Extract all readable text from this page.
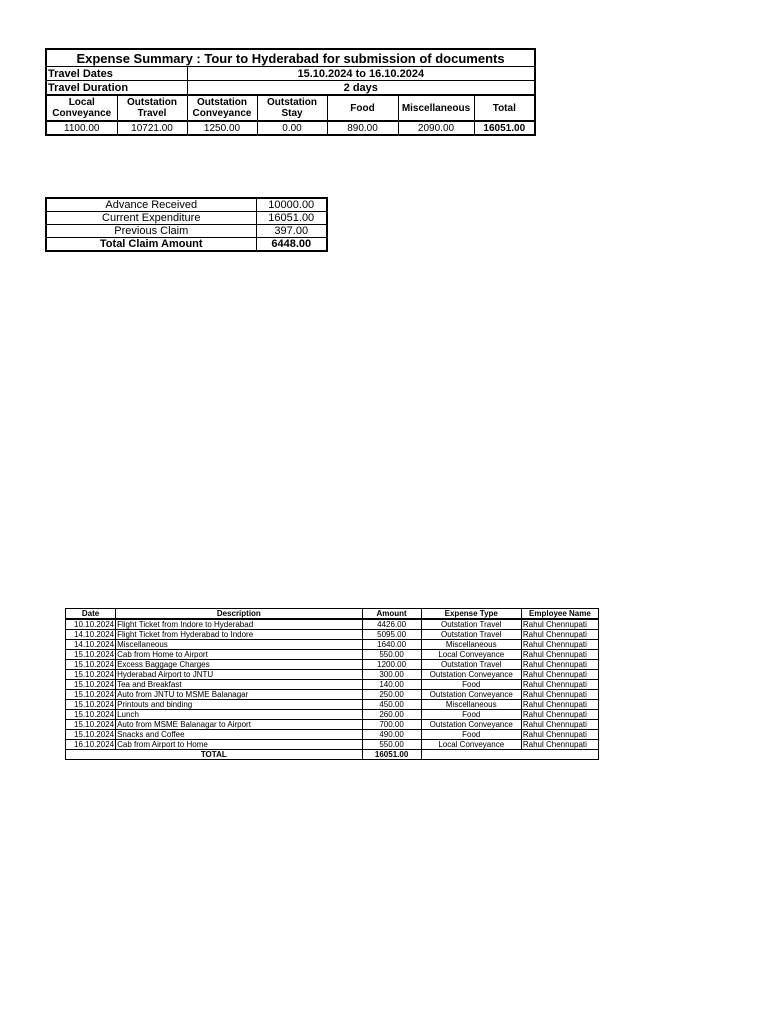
Expense Summary : Tour to Hyderabad for submission of documents						
Travel Dates		15.10.2024 to 16.10.2024				
Travel Duration		2 days				
Local Conveyance	Outstation Travel	Outstation Conveyance	Outstation Stay	Food	Miscellaneous	Total
1100.00	10721.00	1250.00	0.00	890.00	2090.00	16051.00
Advance Received	10000.00
Current Expenditure	16051.00
Previous Claim	397.00
Total Claim Amount	6448.00
Date	Description	Amount	Expense Type	Employee Name
10.10.2024	Flight Ticket from Indore to Hyderabad	4426.00	Outstation Travel	Rahul Chennupati
14.10.2024	Flight Ticket from Hyderabad to Indore	5095.00	Outstation Travel	Rahul Chennupati
14.10.2024	Miscellaneous	1640.00	Miscellaneous	Rahul Chennupati
15.10.2024	Cab from Home to Airport	550.00	Local Conveyance	Rahul Chennupati
15.10.2024	Excess Baggage Charges	1200.00	Outstation Travel	Rahul Chennupati
15.10.2024	Hyderabad Airport to JNTU	300.00	Outstation Conveyance	Rahul Chennupati
15.10.2024	Tea and Breakfast	140.00	Food	Rahul Chennupati
15.10.2024	Auto from JNTU to MSME Balanagar	250.00	Outstation Conveyance	Rahul Chennupati
15.10.2024	Printouts and binding	450.00	Miscellaneous	Rahul Chennupati
15.10.2024	Lunch	260.00	Food	Rahul Chennupati
15.10.2024	Auto from MSME Balanagar to Airport	700.00	Outstation Conveyance	Rahul Chennupati
15.10.2024	Snacks and Coffee	490.00	Food	Rahul Chennupati
16.10.2024	Cab from Airport to Home	550.00	Local Conveyance	Rahul Chennupati
TOTAL		16051.00		
